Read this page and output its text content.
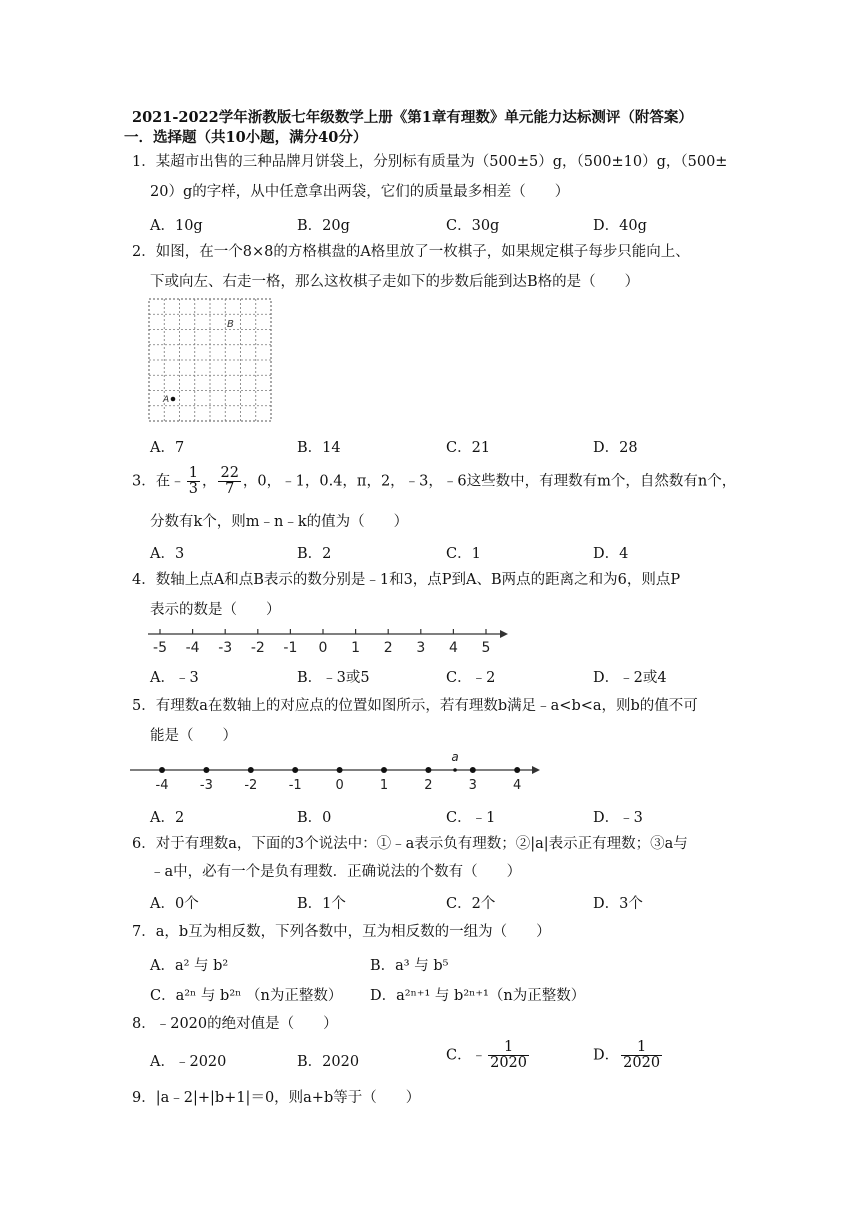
2021-2022学年浙教版七年级数学上册《第1章有理数》单元能力达标测评（附答案）
一．选择题（共10小题，满分40分）
1．某超市出售的三种品牌月饼袋上，分别标有质量为（500±5）g，（500±10）g，（500±
20）g的字样，从中任意拿出两袋，它们的质量最多相差（　　）
A．10g	B．20g	C．30g	D．40g
2．如图，在一个8×8的方格棋盘的A格里放了一枚棋子，如果规定棋子每步只能向上、
下或向左、右走一格，那么这枚棋子走如下的步数后能到达B格的是（　　）
B
A
A．7	B．14	C．21	D．28
3．在﹣ $\frac{1}{3}$ ， $\frac{22}{7}$ ，0，﹣1，0.4，π，2，﹣3，﹣6这些数中，有理数有m个，自然数有n个，
分数有k个，则m﹣n﹣k的值为（　　）
A．3	B．2	C．1	D．4
4．数轴上点A和点B表示的数分别是﹣1和3，点P到A、B两点的距离之和为6，则点P
表示的数是（　　）
-5 -4 -3 -2 -1 0 1 2 3 4 5
A．﹣3	B．﹣3或5	C．﹣2	D．﹣2或4
5．有理数a在数轴上的对应点的位置如图所示，若有理数b满足﹣a<b<a，则b的值不可
能是（　　）
-4 -3 -2 -1	0	1	2	3	4
a
A．2	B．0	C．﹣1	D．﹣3
6．对于有理数a，下面的3个说法中：①﹣a表示负有理数；②|a|表示正有理数；③a与
﹣a中，必有一个是负有理数．正确说法的个数有（　　）
A．0个	B．1个	C．2个	D．3个
7．a，b互为相反数，下列各数中，互为相反数的一组为（　　）
A．a² 与 b²	B．a³ 与 b⁵
C．a²ⁿ 与 b²ⁿ （n为正整数） D．a²ⁿ⁺¹ 与 b²ⁿ⁺¹（n为正整数）
8．﹣2020的绝对值是（　　）
A．﹣2020	B．2020	C．﹣ $\frac{1}{2020}$	D． $\frac{1}{2020}$
9．|a﹣2|+|b+1|＝0，则a+b等于（　　）
